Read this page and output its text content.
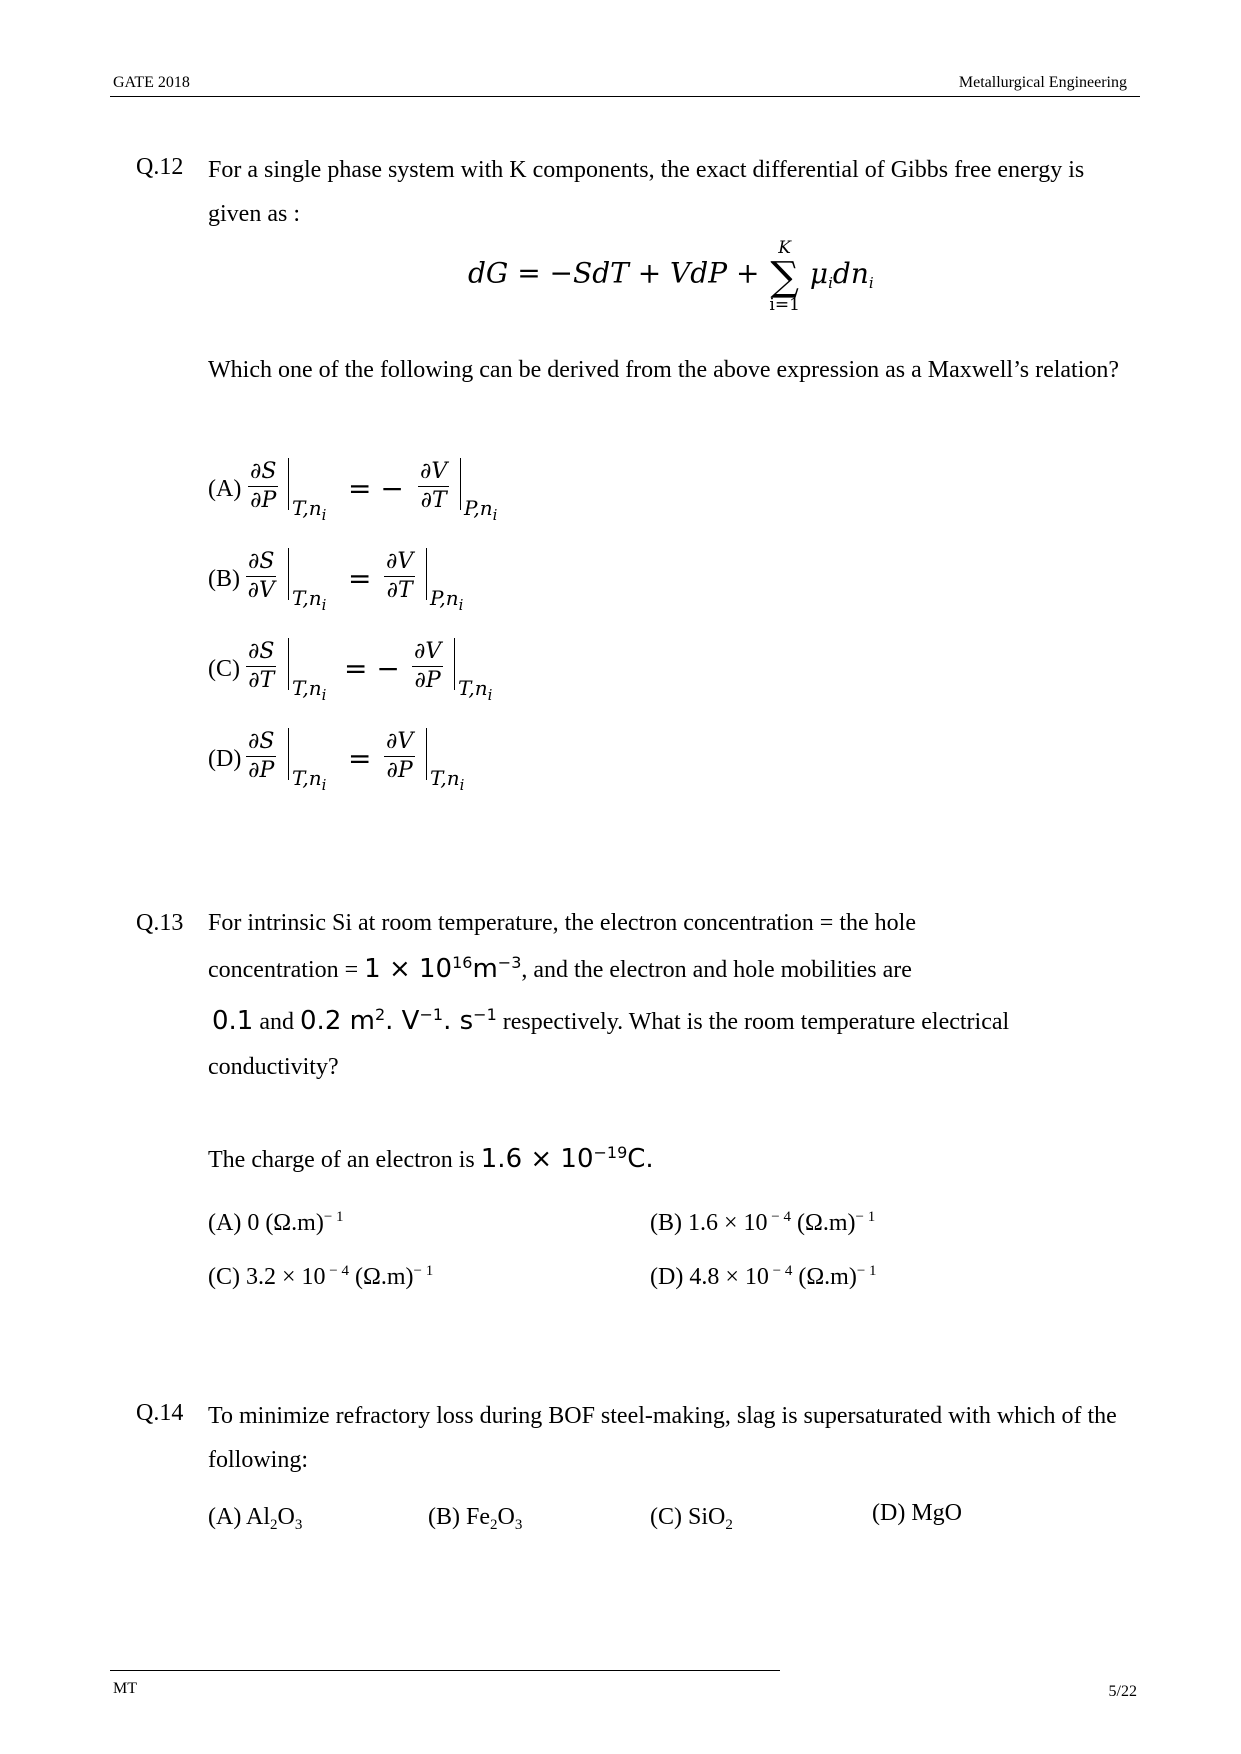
GATE 2018	Metallurgical Engineering
Q.12 For a single phase system with K components, the exact differential of Gibbs free energy is given as :
dG = −SdT + VdP +
K
∑
i=1
$\mu_idn_i$
Which one of the following can be derived from the above expression as a Maxwell’s relation?
$(A) \frac{\partial S}{\partial P} T,n_i$
= − $\frac{\partial V}{\partial T} P,n_i$
$(B) \frac{\partial S}{\partial V} T,n_i$
= $\frac{\partial V}{\partial T} P,n_i$
$(C) \frac{\partial S}{\partial T} T,n_i$
= − $\frac{\partial V}{\partial P} T,n_i$
$(D) \frac{\partial S}{\partial P} T,n_i$
= $\frac{\partial V}{\partial P} T,n_i$
Q.13 For intrinsic Si at room temperature, the electron concentration = the hole
concentration = $1 \times 10^{16}m^{-3}$, and the electron and hole mobilities are
0.1 and 0.2 $m^2$. $V^{-1}$. $s^{-1}$ respectively. What is the room temperature electrical
conductivity?
The charge of an electron is $1.6 \times 10^{-19}C$.
(A) 0 $(\Omega.m)^{- 1}$	(B) 1.6 × 10 $^{- 4}$ $(\Omega.m)^{- 1}$
(C) 3.2 × 10 $^{- 4}$ $(\Omega.m)^{- 1}$	(D) 4.8 × 10 $^{- 4}$ $(\Omega.m)^{- 1}$
Q.14 To minimize refractory loss during BOF steel-making, slag is supersaturated with which of the following:
(A) $Al_2O_3$	(B) $Fe_2O_3$	(C) SiO$_2$	(D) MgO
MT	5/22
